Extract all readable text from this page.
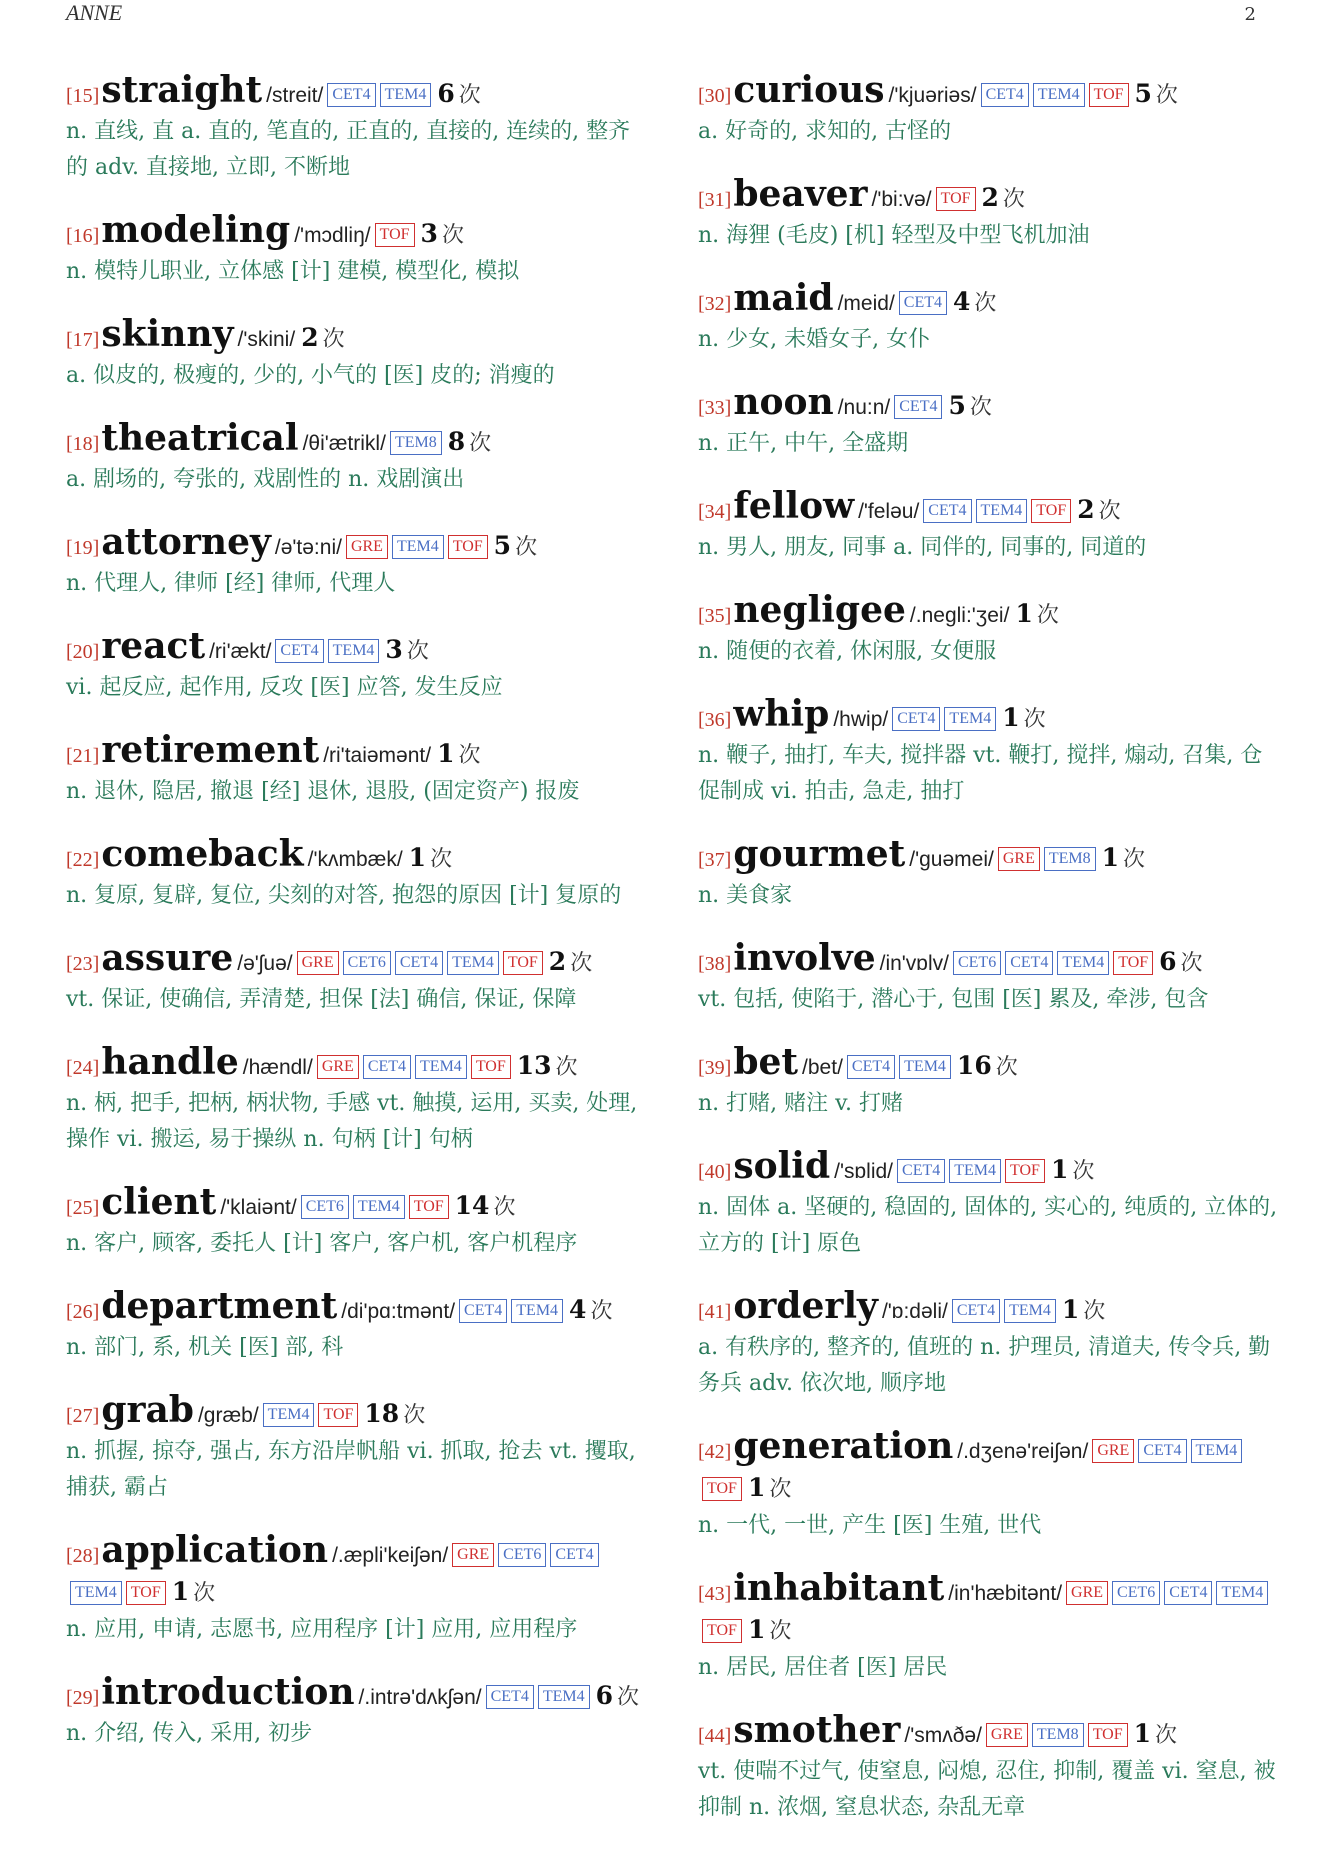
ANNE	2
[15]straight /streit/ CET4 TEM4 6 次
n. 直线, 直 a. 直的, 笔直的, 正直的, 直接的, 连续的, 整齐的 adv. 直接地, 立即, 不断地
[16]modeling /'mɔdliŋ/ TOF 3 次
n. 模特儿职业, 立体感 [计] 建模, 模型化, 模拟
[17]skinny /'skini/ 2 次
a. 似皮的, 极瘦的, 少的, 小气的 [医] 皮的; 消瘦的
[18]theatrical /θi'ætrikl/ TEM8 8 次
a. 剧场的, 夸张的, 戏剧性的 n. 戏剧演出
[19]attorney /ə'tə:ni/ GRE TEM4 TOF 5 次
n. 代理人, 律师 [经] 律师, 代理人
[20]react /ri'ækt/ CET4 TEM4 3 次
vi. 起反应, 起作用, 反攻 [医] 应答, 发生反应
[21]retirement /ri'taiəmənt/ 1 次
n. 退休, 隐居, 撤退 [经] 退休, 退股, (固定资产) 报废
[22]comeback /'kʌmbæk/ 1 次
n. 复原, 复辟, 复位, 尖刻的对答, 抱怨的原因 [计] 复原的
[23]assure /ə'ʃuə/ GRE CET6 CET4 TEM4 TOF 2 次
vt. 保证, 使确信, 弄清楚, 担保 [法] 确信, 保证, 保障
[24]handle /hændl/ GRE CET4 TEM4 TOF 13 次
n. 柄, 把手, 把柄, 柄状物, 手感 vt. 触摸, 运用, 买卖, 处理, 操作 vi. 搬运, 易于操纵 n. 句柄 [计] 句柄
[25]client /'klaiənt/ CET6 TEM4 TOF 14 次
n. 客户, 顾客, 委托人 [计] 客户, 客户机, 客户机程序
[26]department /di'pɑ:tmənt/ CET4 TEM4 4 次
n. 部门, 系, 机关 [医] 部, 科
[27]grab /græb/ TEM4 TOF 18 次
n. 抓握, 掠夺, 强占, 东方沿岸帆船 vi. 抓取, 抢去 vt. 攫取, 捕获, 霸占
[28]application /.æpli'keiʃən/ GRE CET6 CET4TEM4 TOF 1 次
n. 应用, 申请, 志愿书, 应用程序 [计] 应用, 应用程序
[29]introduction /.intrə'dʌkʃən/ CET4 TEM4 6 次
n. 介绍, 传入, 采用, 初步
[30]curious /'kjuəriəs/ CET4 TEM4 TOF 5 次
a. 好奇的, 求知的, 古怪的
[31]beaver /'bi:və/ TOF 2 次
n. 海狸 (毛皮) [机] 轻型及中型飞机加油
[32]maid /meid/ CET4 4 次
n. 少女, 未婚女子, 女仆
[33]noon /nu:n/ CET4 5 次
n. 正午, 中午, 全盛期
[34]fellow /'feləu/ CET4 TEM4 TOF 2 次
n. 男人, 朋友, 同事 a. 同伴的, 同事的, 同道的
[35]negligee /.negli:'ʒei/ 1 次
n. 随便的衣着, 休闲服, 女便服
[36]whip /hwip/ CET4 TEM4 1 次
n. 鞭子, 抽打, 车夫, 搅拌器 vt. 鞭打, 搅拌, 煽动, 召集, 仓促制成 vi. 拍击, 急走, 抽打
[37]gourmet /'guəmei/ GRE TEM8 1 次
n. 美食家
[38]involve /in'vɒlv/ CET6 CET4 TEM4 TOF 6 次
vt. 包括, 使陷于, 潜心于, 包围 [医] 累及, 牵涉, 包含
[39]bet /bet/ CET4 TEM4 16 次
n. 打赌, 赌注 v. 打赌
[40]solid /'sɒlid/ CET4 TEM4 TOF 1 次
n. 固体 a. 坚硬的, 稳固的, 固体的, 实心的, 纯质的, 立体的, 立方的 [计] 原色
[41]orderly /'ɒ:dəli/ CET4 TEM4 1 次
a. 有秩序的, 整齐的, 值班的 n. 护理员, 清道夫, 传令兵, 勤务兵 adv. 依次地, 顺序地
[42]generation /.dʒenə'reiʃən/ GRE CET4 TEM4TOF 1 次
n. 一代, 一世, 产生 [医] 生殖, 世代
[43]inhabitant /in'hæbitənt/ GRE CET6 CET4 TEM4TOF 1 次
n. 居民, 居住者 [医] 居民
[44]smother /'smʌðə/ GRE TEM8 TOF 1 次
vt. 使喘不过气, 使窒息, 闷熄, 忍住, 抑制, 覆盖 vi. 窒息, 被抑制 n. 浓烟, 窒息状态, 杂乱无章
